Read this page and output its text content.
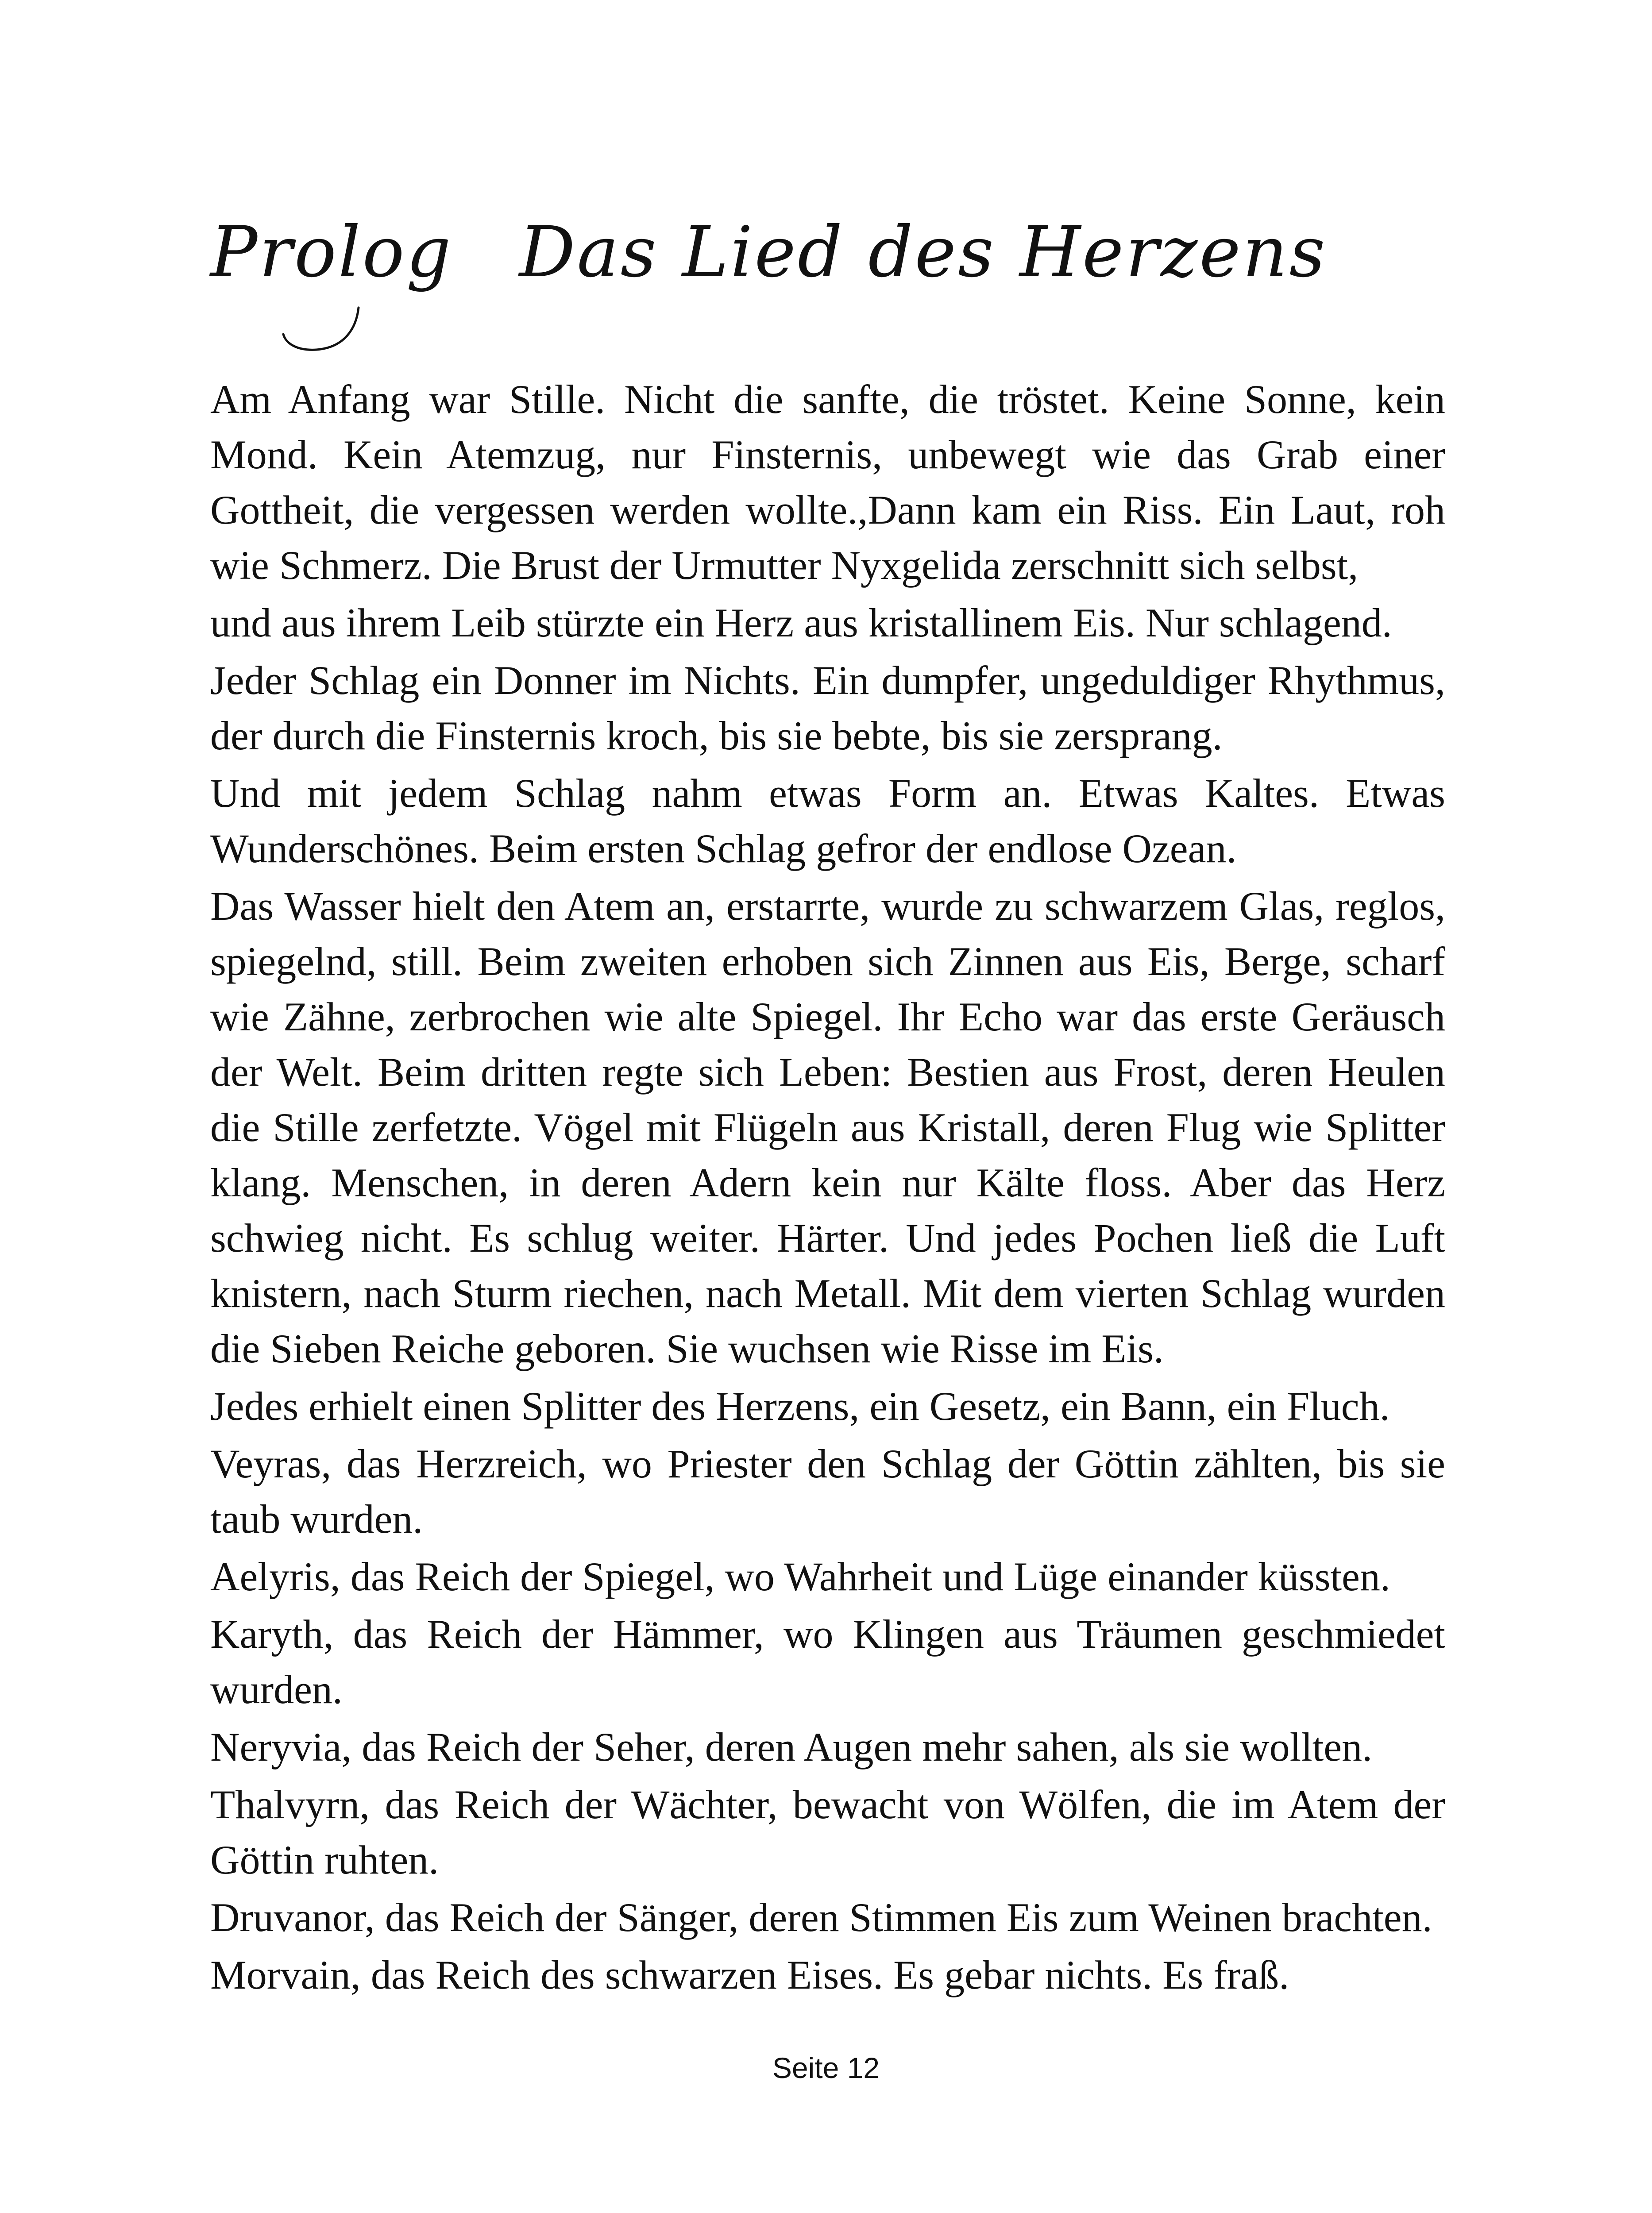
Prolog Das Lied des Herzens

Am Anfang war Stille. Nicht die sanfte, die tröstet. Keine Sonne, kein Mond. Kein Atemzug, nur Finsternis, unbewegt wie das Grab einer Gottheit, die vergessen werden wollte.,Dann kam ein Riss. Ein Laut, roh wie Schmerz. Die Brust der Urmutter Nyxgelida zerschnitt sich selbst,

und aus ihrem Leib stürzte ein Herz aus kristallinem Eis. Nur schlagend.

Jeder Schlag ein Donner im Nichts. Ein dumpfer, ungeduldiger Rhythmus, der durch die Finsternis kroch, bis sie bebte, bis sie zersprang.

Und mit jedem Schlag nahm etwas Form an. Etwas Kaltes. Etwas Wunderschönes. Beim ersten Schlag gefror der endlose Ozean.

Das Wasser hielt den Atem an, erstarrte, wurde zu schwarzem Glas, reglos, spiegelnd, still. Beim zweiten erhoben sich Zinnen aus Eis, Berge, scharf wie Zähne, zerbrochen wie alte Spiegel. Ihr Echo war das erste Geräusch der Welt. Beim dritten regte sich Leben: Bestien aus Frost, deren Heulen die Stille zerfetzte. Vögel mit Flügeln aus Kristall, deren Flug wie Splitter klang. Menschen, in deren Adern kein nur Kälte floss. Aber das Herz schwieg nicht. Es schlug weiter. Härter. Und jedes Pochen ließ die Luft knistern, nach Sturm riechen, nach Metall. Mit dem vierten Schlag wurden die Sieben Reiche geboren. Sie wuchsen wie Risse im Eis.

Jedes erhielt einen Splitter des Herzens, ein Gesetz, ein Bann, ein Fluch.

Veyras, das Herzreich, wo Priester den Schlag der Göttin zählten, bis sie taub wurden.

Aelyris, das Reich der Spiegel, wo Wahrheit und Lüge einander küssten.

Karyth, das Reich der Hämmer, wo Klingen aus Träumen geschmiedet wurden.

Neryvia, das Reich der Seher, deren Augen mehr sahen, als sie wollten.

Thalvyrn, das Reich der Wächter, bewacht von Wölfen, die im Atem der Göttin ruhten.

Druvanor, das Reich der Sänger, deren Stimmen Eis zum Weinen brachten.

Morvain, das Reich des schwarzen Eises. Es gebar nichts. Es fraß.

Seite 12
